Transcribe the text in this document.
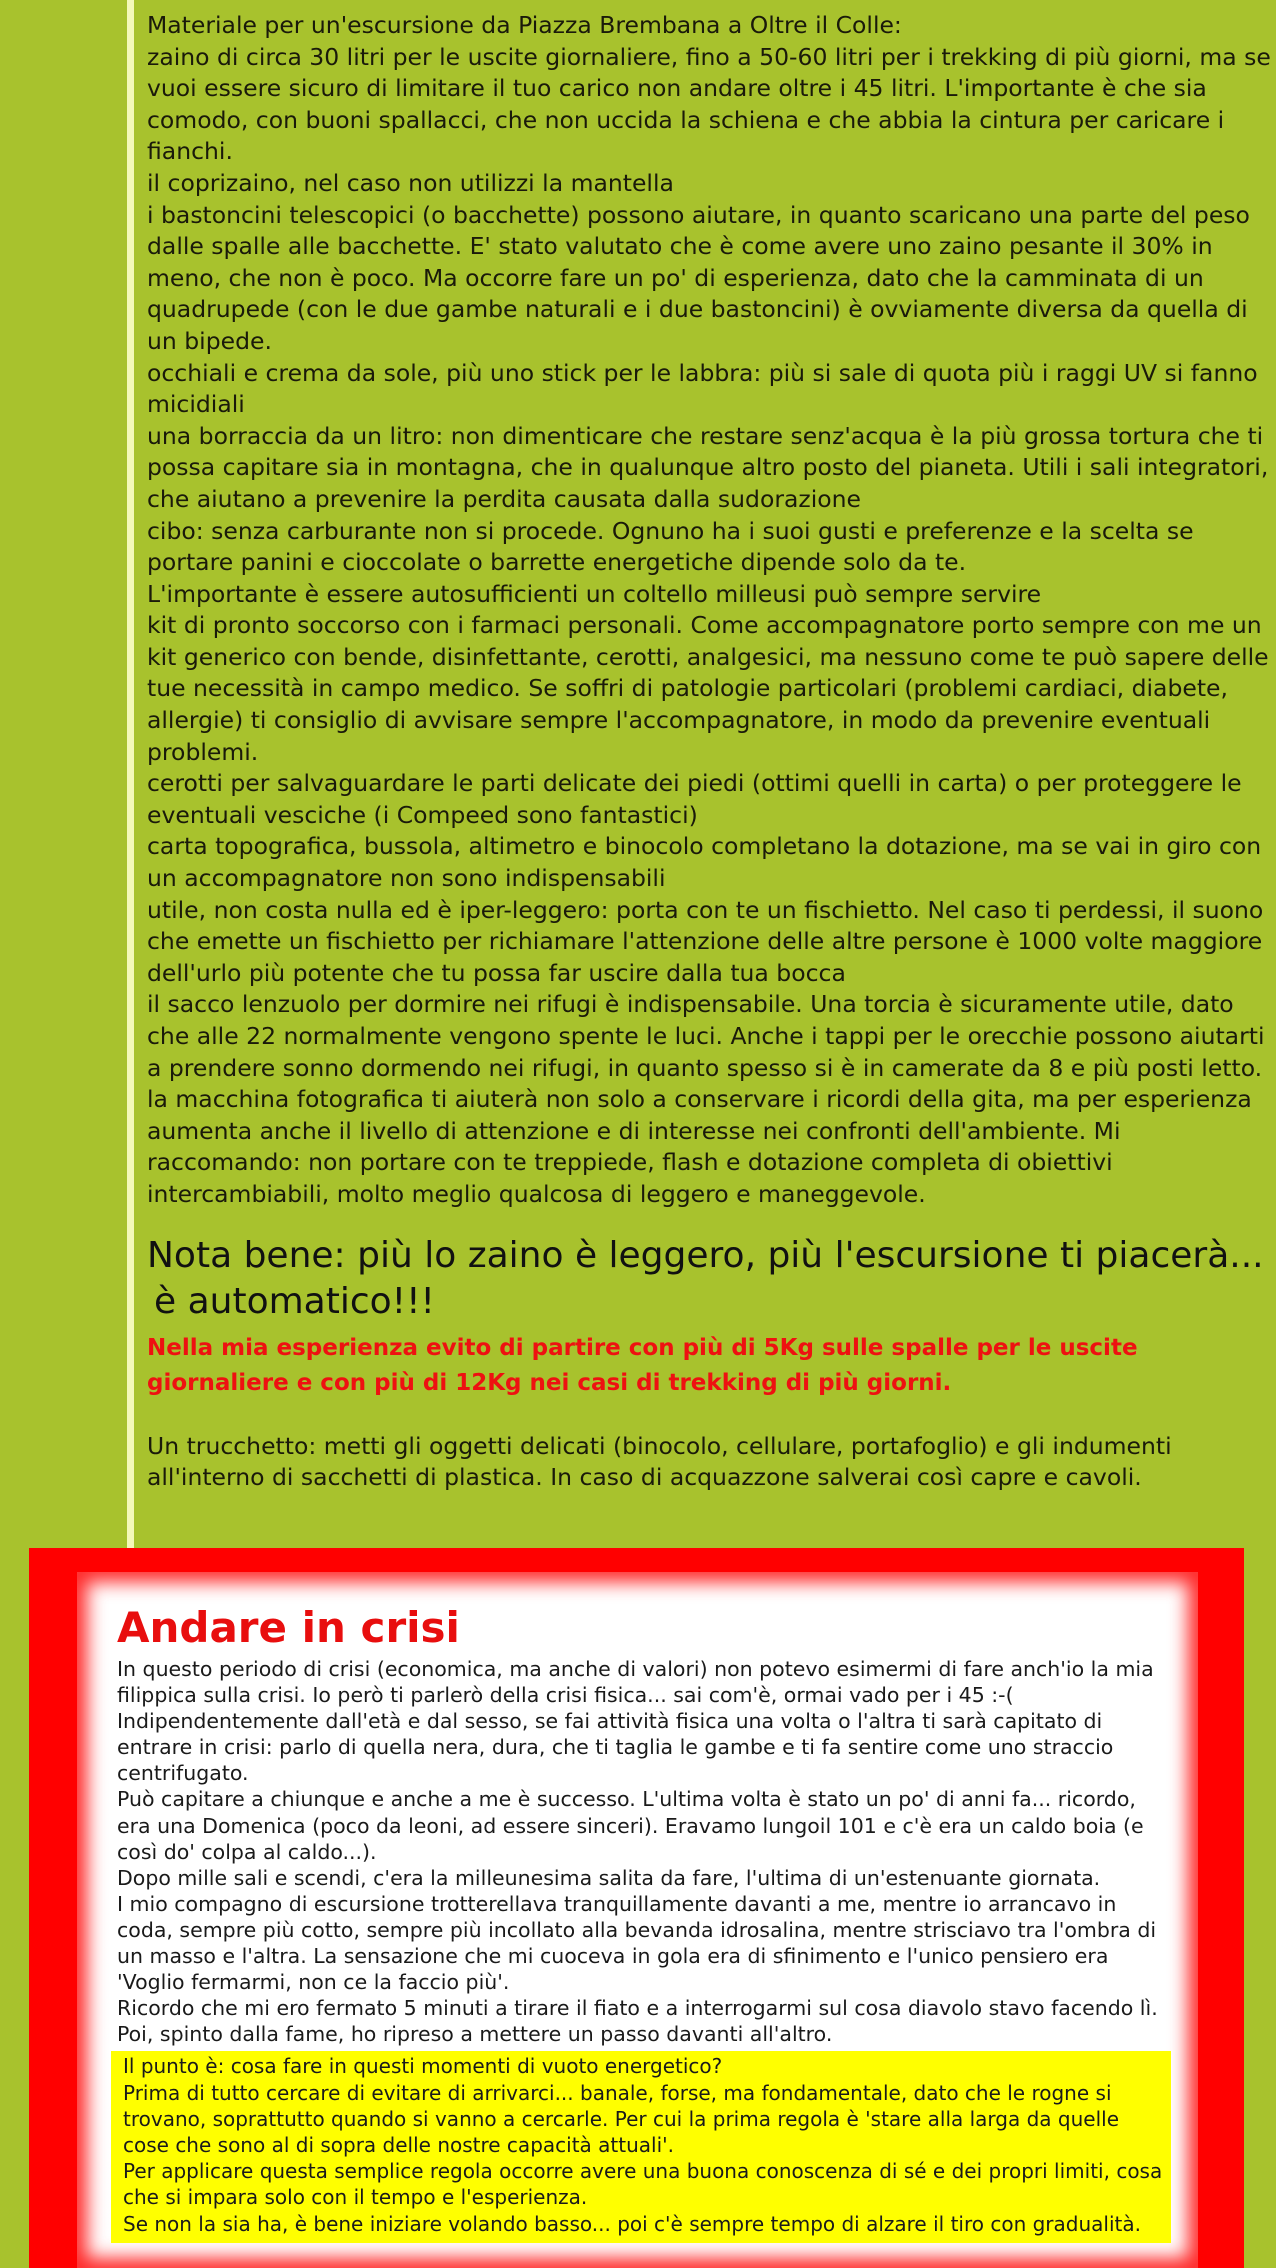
Materiale per un'escursione da Piazza Brembana a Oltre il Colle:

zaino di circa 30 litri per le uscite giornaliere, fino a 50-60 litri per i trekking di più giorni, ma se vuoi essere sicuro di limitare il tuo carico non andare oltre i 45 litri. L'importante è che sia comodo, con buoni spallacci, che non uccida la schiena e che abbia la cintura per caricare i fianchi.

il coprizaino, nel caso non utilizzi la mantella

i bastoncini telescopici (o bacchette) possono aiutare, in quanto scaricano una parte del peso dalle spalle alle bacchette. E' stato valutato che è come avere uno zaino pesante il 30% in meno, che non è poco. Ma occorre fare un po' di esperienza, dato che la camminata di un quadrupede (con le due gambe naturali e i due bastoncini) è ovviamente diversa da quella di un bipede.

occhiali e crema da sole, più uno stick per le labbra: più si sale di quota più i raggi UV si fanno micidiali

una borraccia da un litro: non dimenticare che restare senz'acqua è la più grossa tortura che ti possa capitare sia in montagna, che in qualunque altro posto del pianeta. Utili i sali integratori, che aiutano a prevenire la perdita causata dalla sudorazione

cibo: senza carburante non si procede. Ognuno ha i suoi gusti e preferenze e la scelta se portare panini e cioccolate o barrette energetiche dipende solo da te.

L'importante è essere autosufficienti un coltello milleusi può sempre servire

kit di pronto soccorso con i farmaci personali. Come accompagnatore porto sempre con me un kit generico con bende, disinfettante, cerotti, analgesici, ma nessuno come te può sapere delle tue necessità in campo medico. Se soffri di patologie particolari (problemi cardiaci, diabete, allergie) ti consiglio di avvisare sempre l'accompagnatore, in modo da prevenire eventuali problemi.

cerotti per salvaguardare le parti delicate dei piedi (ottimi quelli in carta) o per proteggere le eventuali vesciche (i Compeed sono fantastici)

carta topografica, bussola, altimetro e binocolo completano la dotazione, ma se vai in giro con un accompagnatore non sono indispensabili

utile, non costa nulla ed è iper-leggero: porta con te un fischietto. Nel caso ti perdessi, il suono che emette un fischietto per richiamare l'attenzione delle altre persone è 1000 volte maggiore dell'urlo più potente che tu possa far uscire dalla tua bocca

il sacco lenzuolo per dormire nei rifugi è indispensabile. Una torcia è sicuramente utile, dato che alle 22 normalmente vengono spente le luci. Anche i tappi per le orecchie possono aiutarti a prendere sonno dormendo nei rifugi, in quanto spesso si è in camerate da 8 e più posti letto.

la macchina fotografica ti aiuterà non solo a conservare i ricordi della gita, ma per esperienza aumenta anche il livello di attenzione e di interesse nei confronti dell'ambiente. Mi raccomando: non portare con te treppiede, flash e dotazione completa di obiettivi intercambiabili, molto meglio qualcosa di leggero e maneggevole.

Nota bene: più lo zaino è leggero, più l'escursione ti piacerà...
è automatico!!!

Nella mia esperienza evito di partire con più di 5Kg sulle spalle per le uscite giornaliere e con più di 12Kg nei casi di trekking di più giorni.

Un trucchetto: metti gli oggetti delicati (binocolo, cellulare, portafoglio) e gli indumenti all'interno di sacchetti di plastica. In caso di acquazzone salverai così capre e cavoli.

Andare in crisi

In questo periodo di crisi (economica, ma anche di valori) non potevo esimermi di fare anch'io la mia filippica sulla crisi. Io però ti parlerò della crisi fisica... sai com'è, ormai vado per i 45 :-(

Indipendentemente dall'età e dal sesso, se fai attività fisica una volta o l'altra ti sarà capitato di entrare in crisi: parlo di quella nera, dura, che ti taglia le gambe e ti fa sentire come uno straccio centrifugato.

Può capitare a chiunque e anche a me è successo. L'ultima volta è stato un po' di anni fa... ricordo, era una Domenica (poco da leoni, ad essere sinceri). Eravamo lungoil 101 e c'è era un caldo boia (e così do' colpa al caldo...).

Dopo mille sali e scendi, c'era la milleunesima salita da fare, l'ultima di un'estenuante giornata.

I mio compagno di escursione trotterellava tranquillamente davanti a me, mentre io arrancavo in coda, sempre più cotto, sempre più incollato alla bevanda idrosalina, mentre strisciavo tra l'ombra di un masso e l'altra. La sensazione che mi cuoceva in gola era di sfinimento e l'unico pensiero era 'Voglio fermarmi, non ce la faccio più'.

Ricordo che mi ero fermato 5 minuti a tirare il fiato e a interrogarmi sul cosa diavolo stavo facendo lì. Poi, spinto dalla fame, ho ripreso a mettere un passo davanti all'altro.

Il punto è: cosa fare in questi momenti di vuoto energetico?

Prima di tutto cercare di evitare di arrivarci... banale, forse, ma fondamentale, dato che le rogne si trovano, soprattutto quando si vanno a cercarle. Per cui la prima regola è 'stare alla larga da quelle cose che sono al di sopra delle nostre capacità attuali'.

Per applicare questa semplice regola occorre avere una buona conoscenza di sé e dei propri limiti, cosa che si impara solo con il tempo e l'esperienza.

Se non la sia ha, è bene iniziare volando basso... poi c'è sempre tempo di alzare il tiro con gradualità.
